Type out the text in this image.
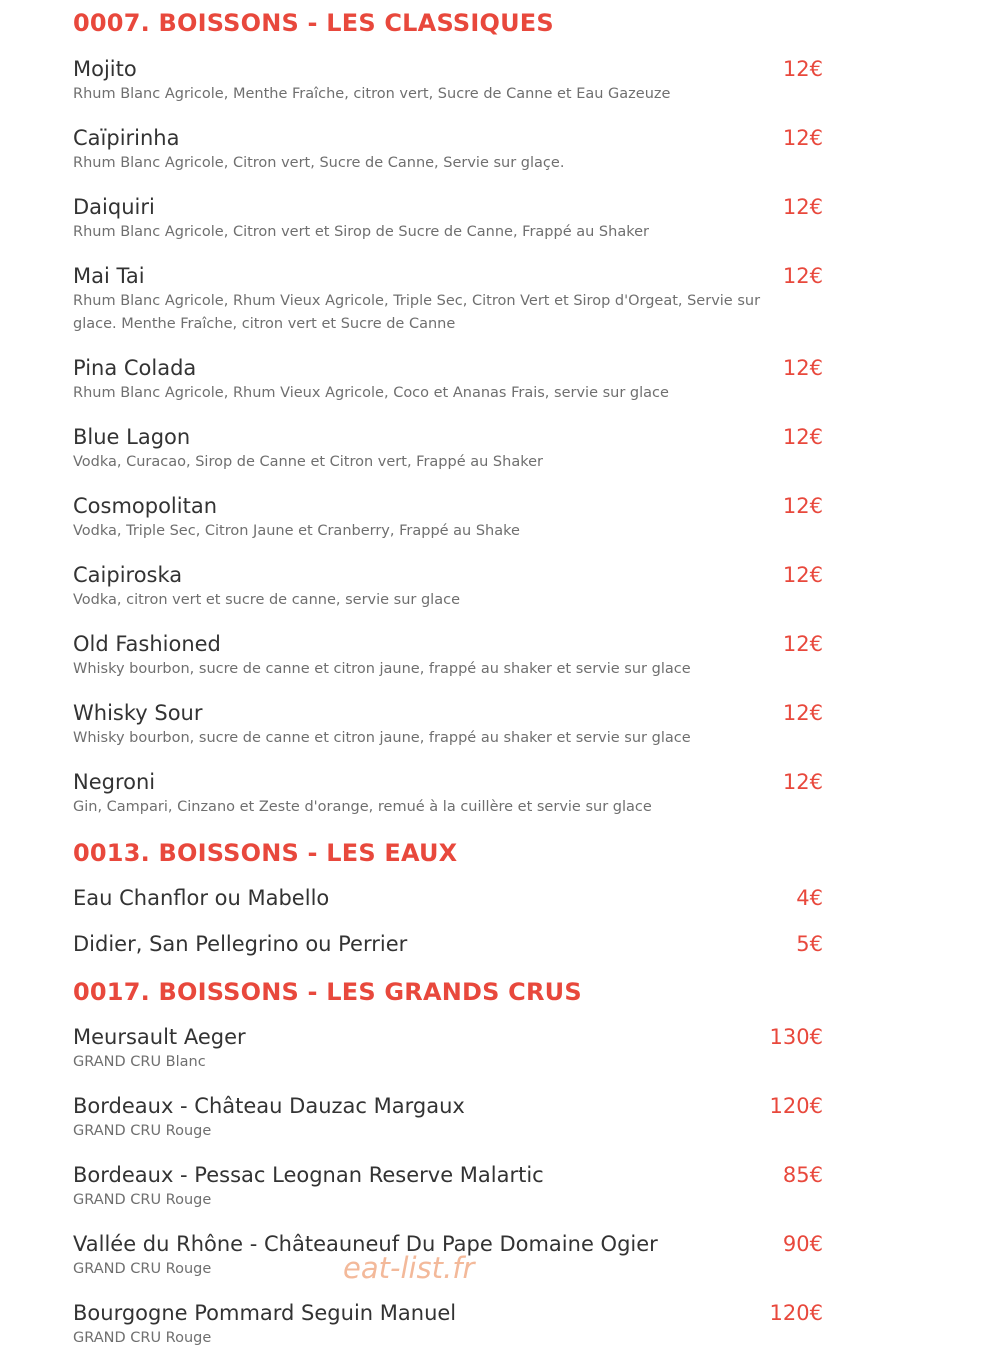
0007. BOISSONS - LES CLASSIQUES
Mojito
Rhum Blanc Agricole, Menthe Fraîche, citron vert, Sucre de Canne et Eau Gazeuze
12€
Caïpirinha
Rhum Blanc Agricole, Citron vert, Sucre de Canne, Servie sur glaçe.
12€
Daiquiri
Rhum Blanc Agricole, Citron vert et Sirop de Sucre de Canne, Frappé au Shaker
12€
Mai Tai
Rhum Blanc Agricole, Rhum Vieux Agricole, Triple Sec, Citron Vert et Sirop d'Orgeat, Servie sur glace. Menthe Fraîche, citron vert et Sucre de Canne
12€
Pina Colada
Rhum Blanc Agricole, Rhum Vieux Agricole, Coco et Ananas Frais, servie sur glace
12€
Blue Lagon
Vodka, Curacao, Sirop de Canne et Citron vert, Frappé au Shaker
12€
Cosmopolitan
Vodka, Triple Sec, Citron Jaune et Cranberry, Frappé au Shake
12€
Caipiroska
Vodka, citron vert et sucre de canne, servie sur glace
12€
Old Fashioned
Whisky bourbon, sucre de canne et citron jaune, frappé au shaker et servie sur glace
12€
Whisky Sour
Whisky bourbon, sucre de canne et citron jaune, frappé au shaker et servie sur glace
12€
Negroni
Gin, Campari, Cinzano et Zeste d'orange, remué à la cuillère et servie sur glace
12€
0013. BOISSONS - LES EAUX
Eau Chanflor ou Mabello	4€
Didier, San Pellegrino ou Perrier	5€
0017. BOISSONS - LES GRANDS CRUS
Meursault Aeger
GRAND CRU Blanc
130€
Bordeaux - Château Dauzac Margaux
GRAND CRU Rouge
120€
Bordeaux - Pessac Leognan Reserve Malartic
GRAND CRU Rouge
85€
Vallée du Rhône - Châteauneuf Du Pape Domaine Ogier
GRAND CRU Rouge
90€
Bourgogne Pommard Seguin Manuel
GRAND CRU Rouge
120€
eat-list.fr
